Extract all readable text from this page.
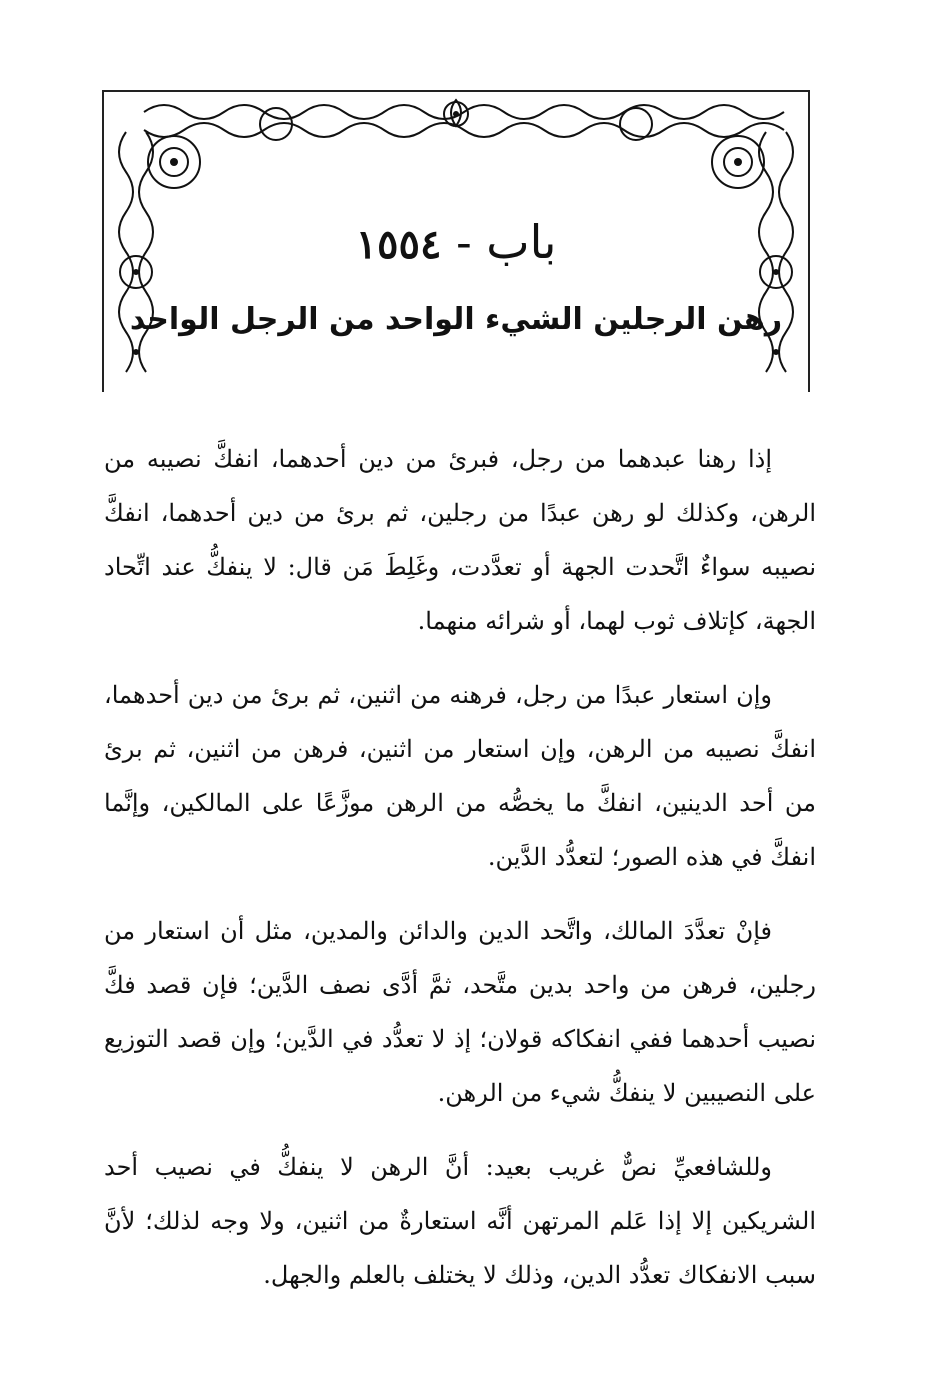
باب - ١٥٥٤
رهن الرجلين الشيء الواحد من الرجل الواحد

إذا رهنا عبدهما من رجل، فبرئ من دين أحدهما، انفكَّ نصيبه من الرهن، وكذلك لو رهن عبدًا من رجلين، ثم برئ من دين أحدهما، انفكَّ نصيبه سواءٌ اتَّحدت الجهة أو تعدَّدت، وغَلِطَ مَن قال: لا ينفكُّ عند اتِّحاد الجهة، كإتلاف ثوب لهما، أو شرائه منهما.

وإن استعار عبدًا من رجل، فرهنه من اثنين، ثم برئ من دين أحدهما، انفكَّ نصيبه من الرهن، وإن استعار من اثنين، فرهن من اثنين، ثم برئ من أحد الدينين، انفكَّ ما يخصُّه من الرهن موزَّعًا على المالكين، وإنَّما انفكَّ في هذه الصور؛ لتعدُّد الدَّين.

فإنْ تعدَّدَ المالك، واتَّحد الدين والدائن والمدين، مثل أن استعار من رجلين، فرهن من واحد بدين متَّحد، ثمَّ أدَّى نصف الدَّين؛ فإن قصد فكَّ نصيب أحدهما ففي انفكاكه قولان؛ إذ لا تعدُّد في الدَّين؛ وإن قصد التوزيع على النصيبين لا ينفكُّ شيء من الرهن.

وللشافعيِّ نصٌّ غريب بعيد: أنَّ الرهن لا ينفكُّ في نصيب أحد الشريكين إلا إذا عَلم المرتهن أنَّه استعارةٌ من اثنين، ولا وجه لذلك؛ لأنَّ سبب الانفكاك تعدُّد الدين، وذلك لا يختلف بالعلم والجهل.
